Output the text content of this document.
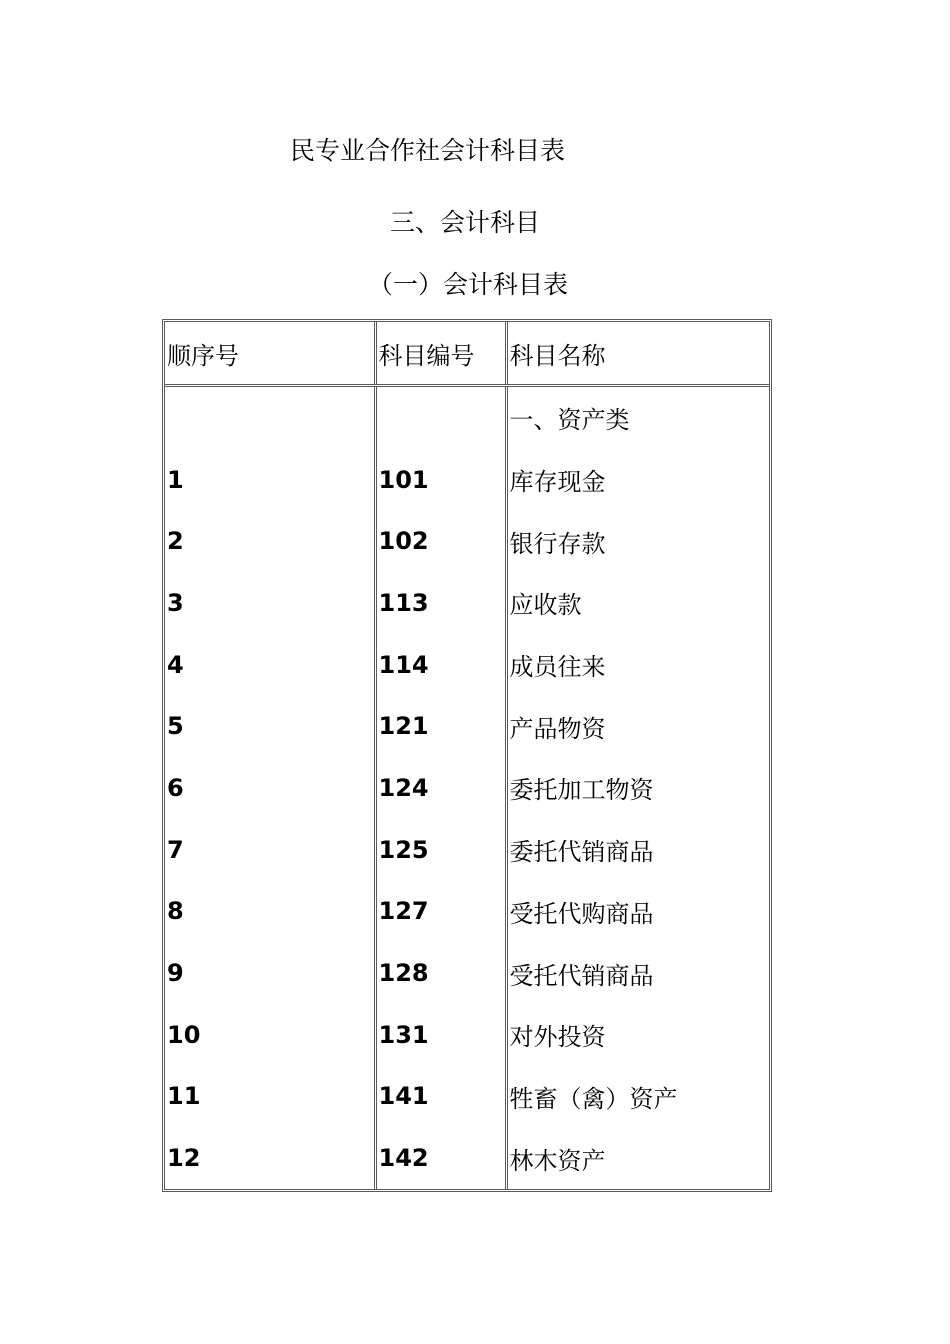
民专业合作社会计科目表
三、会计科目
（一）会计科目表
顺序号	科目编号	科目名称
		一、资产类
1	101	库存现金
2	102	银行存款
3	113	应收款
4	114	成员往来
5	121	产品物资
6	124	委托加工物资
7	125	委托代销商品
8	127	受托代购商品
9	128	受托代销商品
10	131	对外投资
11	141	牲畜（禽）资产
12	142	林木资产
